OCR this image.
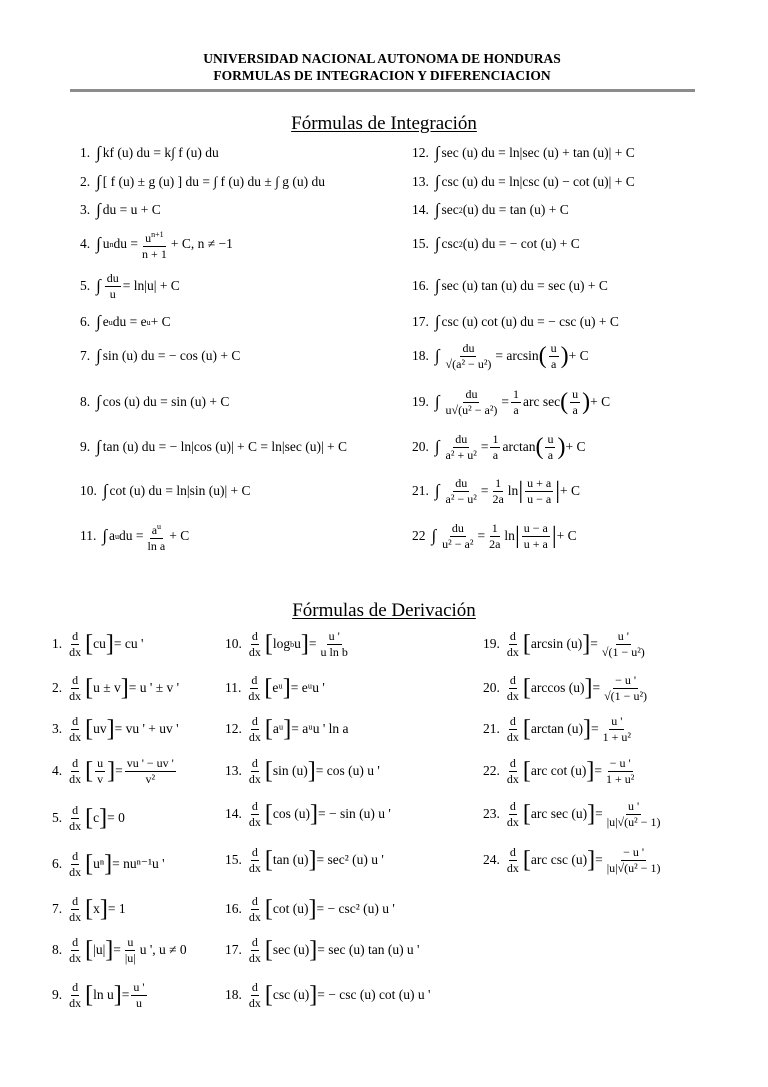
UNIVERSIDAD NACIONAL AUTONOMA DE HONDURAS
FORMULAS DE INTEGRACION Y DIFERENCIACION
Fórmulas de Integración
1. ∫ kf (u) du = k∫ f (u) du
2. ∫ [ f (u) ± g (u) ] du = ∫ f (u) du ± ∫ g (u) du
3. ∫ du = u + C
4. ∫ u n du = $\frac{u^{n+1}}{n + 1} + C$, n ≠ −1
5. ∫ $\frac{du}{u} = \ln|u| + C$
6. ∫ e u du = e u + C
7. ∫ sin (u) du = − cos (u) + C
8. ∫ cos (u) du = sin (u) + C
9. ∫ tan (u) du = − ln|cos (u)| + C = ln|sec (u)| + C
10. ∫ cot (u) du = ln|sin (u)| + C
11. ∫ a u du = $\frac{a^u}{\text{ln a}} + C$
12. ∫ sec (u) du = ln|sec (u) + tan (u)| + C
13. ∫ csc (u) du = ln|csc (u) − cot (u)| + C
14. ∫ sec 2 (u) du = tan (u) + C
15. ∫ csc 2 (u) du = − cot (u) + C
16. ∫ sec (u) tan (u) du = sec (u) + C
17. ∫ csc (u) cot (u) du = − csc (u) + C
18. ∫ $\frac{du}{\text{√(a² − u²)}} = \arcsin$ ( $\frac{u}{a}$ ) + C
19. ∫ $\frac{du}{\text{u√(u² − a²)}} = \frac{1}{a}$ arc sec ( $\frac{u}{a}$ ) + C
20. ∫ $\frac{du}{\text{a² + u²}} = \frac{1}{a}$ arctan ( $\frac{u}{a}$ ) + C
21. ∫ $\frac{du}{\text{a² − u²}} = \frac{1}{2a}$ ln | $\frac{u + a}{u - a}$ | + C
22 ∫ $\frac{du}{\text{u² − a²}} = \frac{1}{2a}$ ln | $\frac{u - a}{u + a}$ | + C
Fórmulas de Derivación
1.
d
dx [ cu ] = cu '
2.
d
dx [ u ± v ] = u ' ± v '
3.
d
dx [ uv ] = vu ' + uv '
4.
d
dx [ $\frac{u}{v}$ ] = $\frac{vu ' - uv '}{\text{v²}}$
5.
d
dx [ c ] = 0
6.
d
dx [ uⁿ ] = nuⁿ⁻¹u '
7.
d
dx [ x ] = 1
8.
d
dx [ |u| ] = $\frac{u}{|u|}$ u ', u ≠ 0
9.
d
dx [ ln u ] = $\frac{u '}{u}$
10.
d
dx [ log b u ] = $\frac{u '}{\text{u ln b}}$
11.
d
dx [ eᵘ ] = eᵘu '
12.
d
dx [ aᵘ ] = aᵘu ' ln a
13.
d
dx [ sin (u) ] = cos (u) u '
14.
d
dx [ cos (u) ] = − sin (u) u '
15.
d
dx [ tan (u) ] = sec² (u) u '
16.
d
dx [ cot (u) ] = − csc² (u) u '
17.
d
dx [ sec (u) ] = sec (u) tan (u) u '
18.
d
dx [ csc (u) ] = − csc (u) cot (u) u '
19.
d
dx [ arcsin (u) ] = $\frac{u '}{\text{√(1 − u²)}}$
20.
d
dx [ arccos (u) ] = $\frac{- u '}{\text{√(1 − u²)}}$
21.
d
dx [ arctan (u) ] = $\frac{u '}{\text{1 + u²}}$
22.
d
dx [ arc cot (u) ] = $\frac{- u '}{\text{1 + u²}}$
23.
d
dx [ arc sec (u) ] = $\frac{u '}{\text{|u|√(u² − 1)}}$
24.
d
dx [ arc csc (u) ] = $\frac{- u '}{\text{|u|√(u² − 1)}}$
